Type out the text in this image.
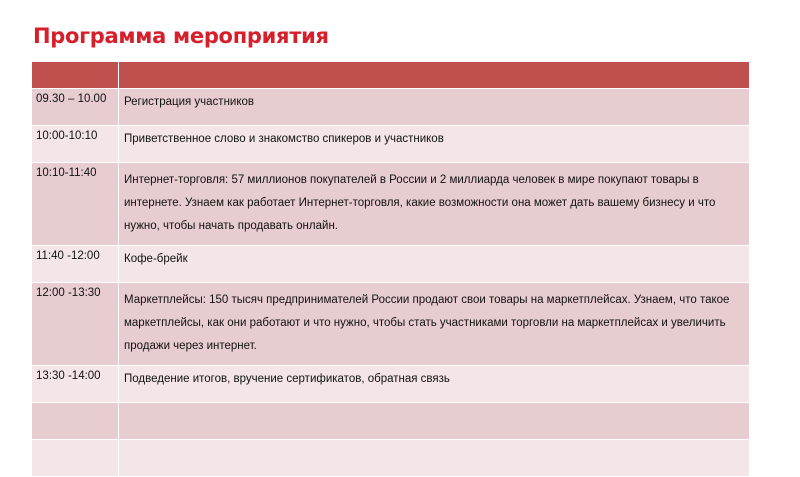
Программа мероприятия

09.30 – 10.00	Регистрация участников
10:00-10:10	Приветственное слово и знакомство спикеров и участников
10:10-11:40	Интернет-торговля: 57 миллионов покупателей в России и 2 миллиарда человек в мире покупают товары в интернете. Узнаем как работает Интернет-торговля, какие возможности она может дать вашему бизнесу и что нужно, чтобы начать продавать онлайн.
11:40 -12:00	Кофе-брейк
12:00 -13:30	Маркетплейсы: 150 тысяч предпринимателей России продают свои товары на маркетплейсах. Узнаем, что такое маркетплейсы, как они работают и что нужно, чтобы стать участниками торговли на маркетплейсах и увеличить продажи через интернет.
13:30 -14:00	Подведение итогов, вручение сертификатов, обратная связь
